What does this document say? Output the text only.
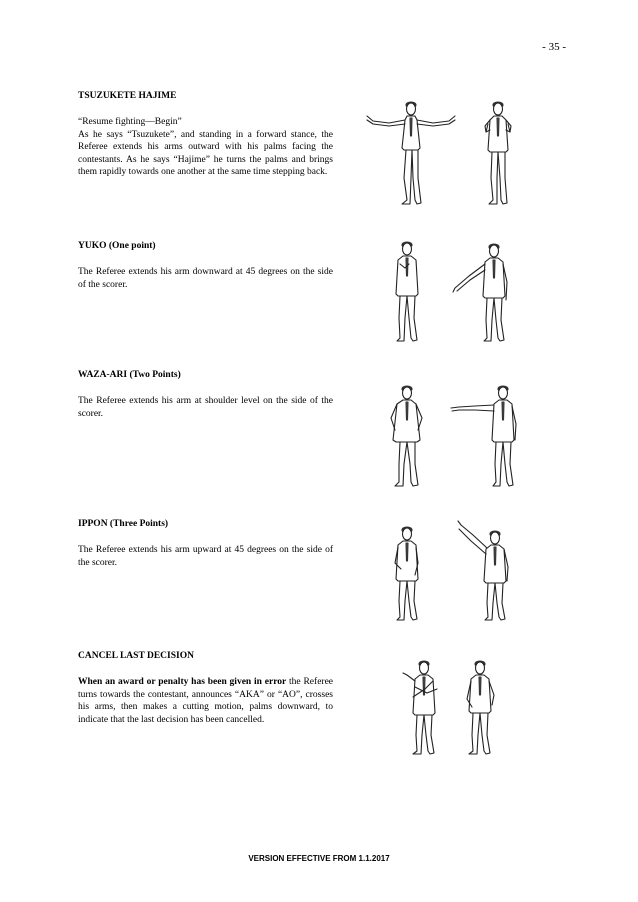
- 35 -
TSUZUKETE HAJIME

“Resume fighting—Begin”

As he says “Tsuzukete”, and standing in a forward stance, the Referee extends his arms outward with his palms facing the contestants. As he says “Hajime” he turns the palms and brings them rapidly towards one another at the same time stepping back.

YUKO (One point)

The Referee extends his arm downward at 45 degrees on the side of the scorer.

WAZA-ARI (Two Points)

The Referee extends his arm at shoulder level on the side of the scorer.

IPPON (Three Points)

The Referee extends his arm upward at 45 degrees on the side of the scorer.

CANCEL LAST DECISION

When an award or penalty has been given in error the Referee turns towards the contestant, announces “AKA” or “AO”, crosses his arms, then makes a cutting motion, palms downward, to indicate that the last decision has been cancelled.

VERSION EFFECTIVE FROM 1.1.2017
